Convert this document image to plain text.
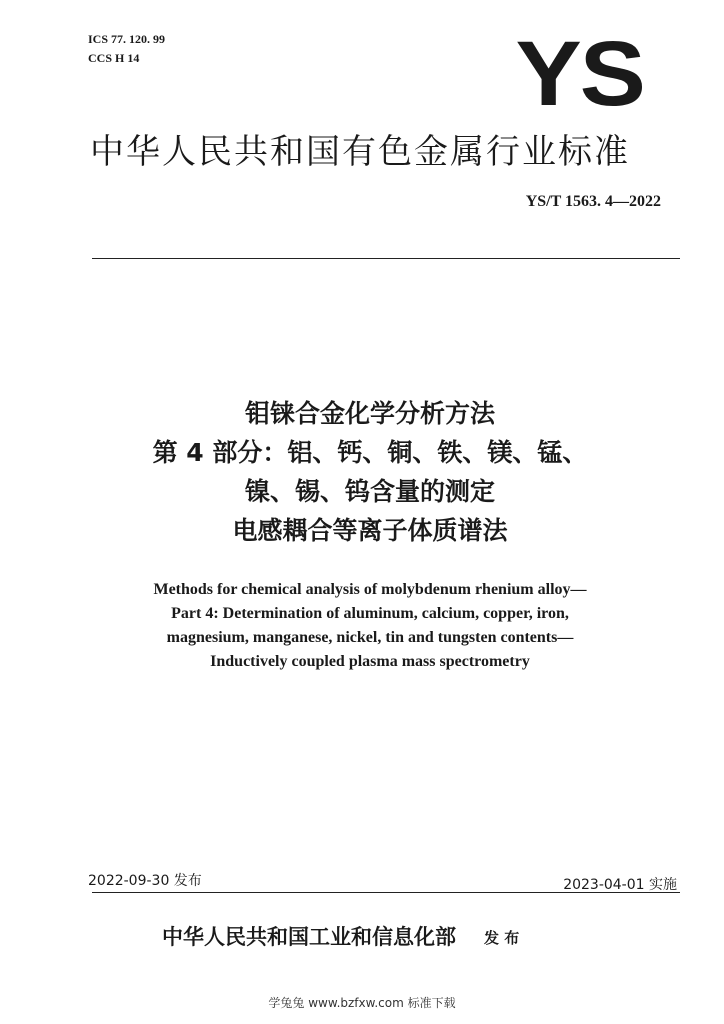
ICS 77. 120. 99
CCS H 14	YS
中华人民共和国有色金属行业标准
YS/T 1563. 4—2022
钼铼合金化学分析方法
第 4 部分：铝、钙、铜、铁、镁、锰、
镍、锡、钨含量的测定
电感耦合等离子体质谱法
Methods for chemical analysis of molybdenum rhenium alloy—
Part 4: Determination of aluminum, calcium, copper, iron,
magnesium, manganese, nickel, tin and tungsten contents—
Inductively coupled plasma mass spectrometry
2022-09-30 发布	2023-04-01 实施
中华人民共和国工业和信息化部 发 布
学兔兔 www.bzfxw.com 标准下载
